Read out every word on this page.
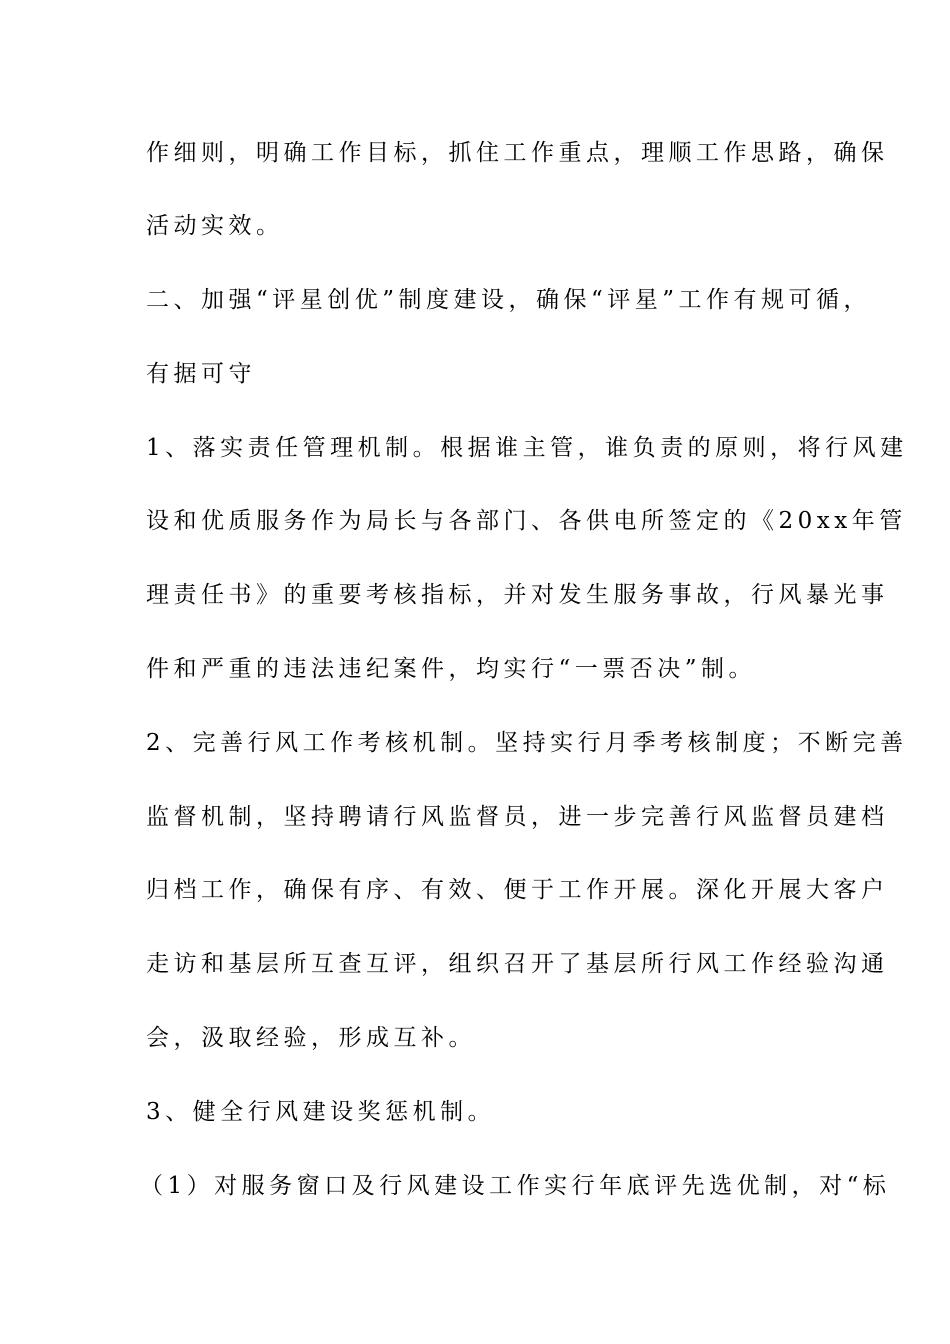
作细则，明确工作目标，抓住工作重点，理顺工作思路，确保
活动实效。
二、加强“评星创优”制度建设，确保“评星”工作有规可循，
有据可守
1、落实责任管理机制。根据谁主管，谁负责的原则，将行风建
设和优质服务作为局长与各部门、各供电所签定的《20xx年管
理责任书》的重要考核指标，并对发生服务事故，行风暴光事
件和严重的违法违纪案件，均实行“一票否决”制。
2、完善行风工作考核机制。坚持实行月季考核制度；不断完善
监督机制，坚持聘请行风监督员，进一步完善行风监督员建档
归档工作，确保有序、有效、便于工作开展。深化开展大客户
走访和基层所互查互评，组织召开了基层所行风工作经验沟通
会，汲取经验，形成互补。
3、健全行风建设奖惩机制。
（1）对服务窗口及行风建设工作实行年底评先选优制，对“标
